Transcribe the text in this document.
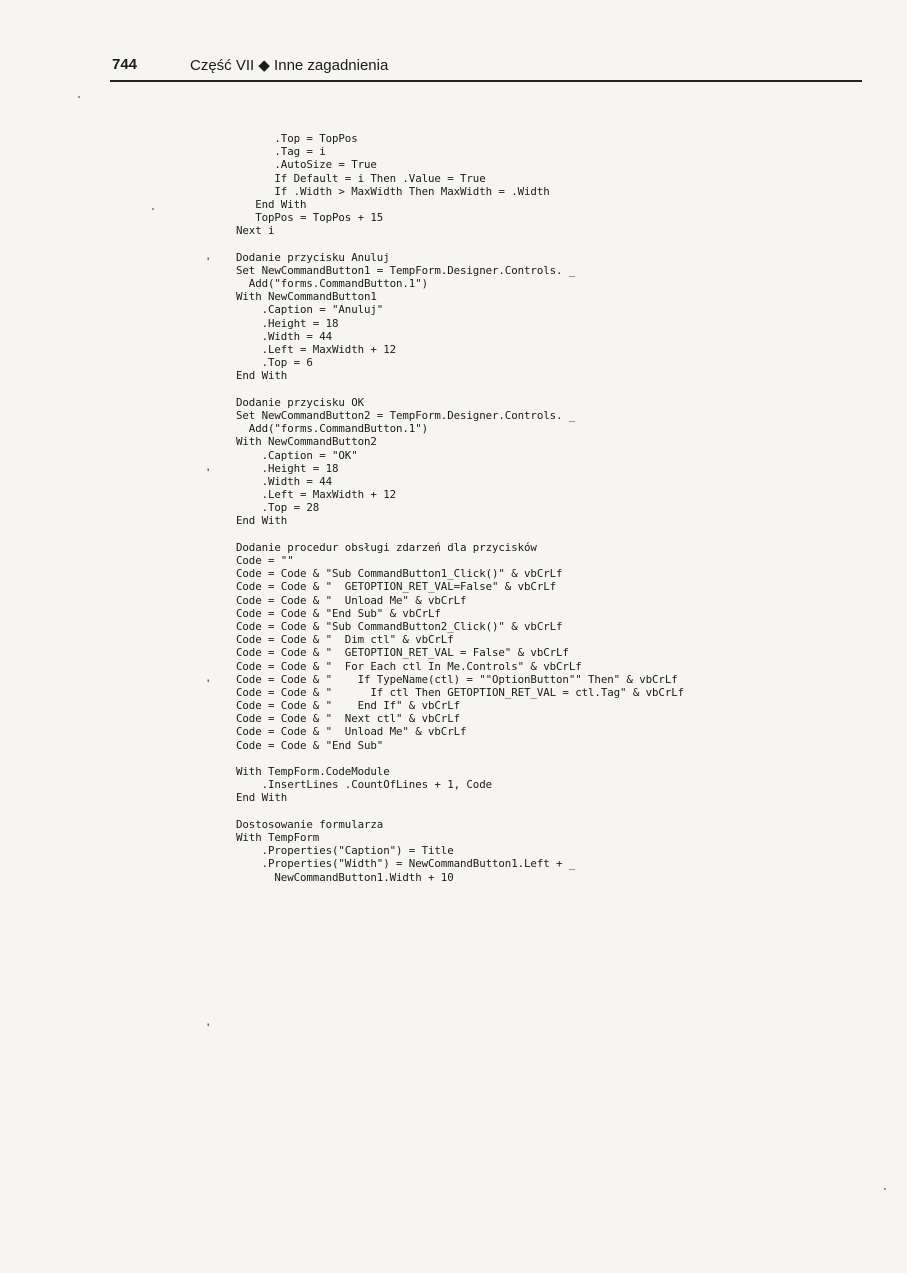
744	Część VII ◆ Inne zagadnienia
.Top = TopPos
.Tag = i
.AutoSize = True
If Default = i Then .Value = True
If .Width > MaxWidth Then MaxWidth = .Width
End With
TopPos = TopPos + 15
Next i
Dodanie przycisku Anuluj
Set NewCommandButton1 = TempForm.Designer.Controls. _
Add("forms.CommandButton.1")
With NewCommandButton1
.Caption = "Anuluj"
.Height = 18
.Width = 44
.Left = MaxWidth + 12
.Top = 6
End With
Dodanie przycisku OK
Set NewCommandButton2 = TempForm.Designer.Controls. _
Add("forms.CommandButton.1")
With NewCommandButton2
.Caption = "OK"
.Height = 18
.Width = 44
.Left = MaxWidth + 12
.Top = 28
End With
Dodanie procedur obsługi zdarzeń dla przycisków
Code = ""
Code = Code & "Sub CommandButton1_Click()" & vbCrLf
Code = Code & "  GETOPTION_RET_VAL=False" & vbCrLf
Code = Code & "  Unload Me" & vbCrLf
Code = Code & "End Sub" & vbCrLf
Code = Code & "Sub CommandButton2_Click()" & vbCrLf
Code = Code & "  Dim ctl" & vbCrLf
Code = Code & "  GETOPTION_RET_VAL = False" & vbCrLf
Code = Code & "  For Each ctl In Me.Controls" & vbCrLf
Code = Code & "    If TypeName(ctl) = ""OptionButton"" Then" & vbCrLf
Code = Code & "      If ctl Then GETOPTION_RET_VAL = ctl.Tag" & vbCrLf
Code = Code & "    End If" & vbCrLf
Code = Code & "  Next ctl" & vbCrLf
Code = Code & "  Unload Me" & vbCrLf
Code = Code & "End Sub"
With TempForm.CodeModule
.InsertLines .CountOfLines + 1, Code
End With
Dostosowanie formularza
With TempForm
.Properties("Caption") = Title
.Properties("Width") = NewCommandButton1.Left + _
NewCommandButton1.Width + 10
'
'
'
'
